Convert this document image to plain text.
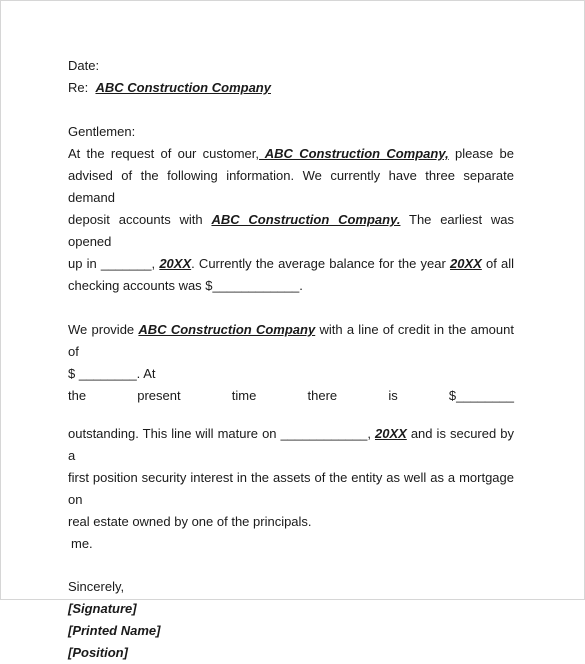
Date:
Re: ABC Construction Company
Gentlemen:
At the request of our customer, ABC Construction Company, please be
advised of the following information. We currently have three separate demand
deposit accounts with ABC Construction Company. The earliest was opened
up in _______, 20XX. Currently the average balance for the year 20XX of all
checking accounts was $____________.
We provide ABC Construction Company with a line of credit in the amount of
$ ________. At
the	present	time	there	is	$________
outstanding. This line will mature on ____________, 20XX and is secured by a
first position security interest in the assets of the entity as well as a mortgage on
real estate owned by one of the principals.
me.
Sincerely,
[Signature]
[Printed Name]
[Position]
